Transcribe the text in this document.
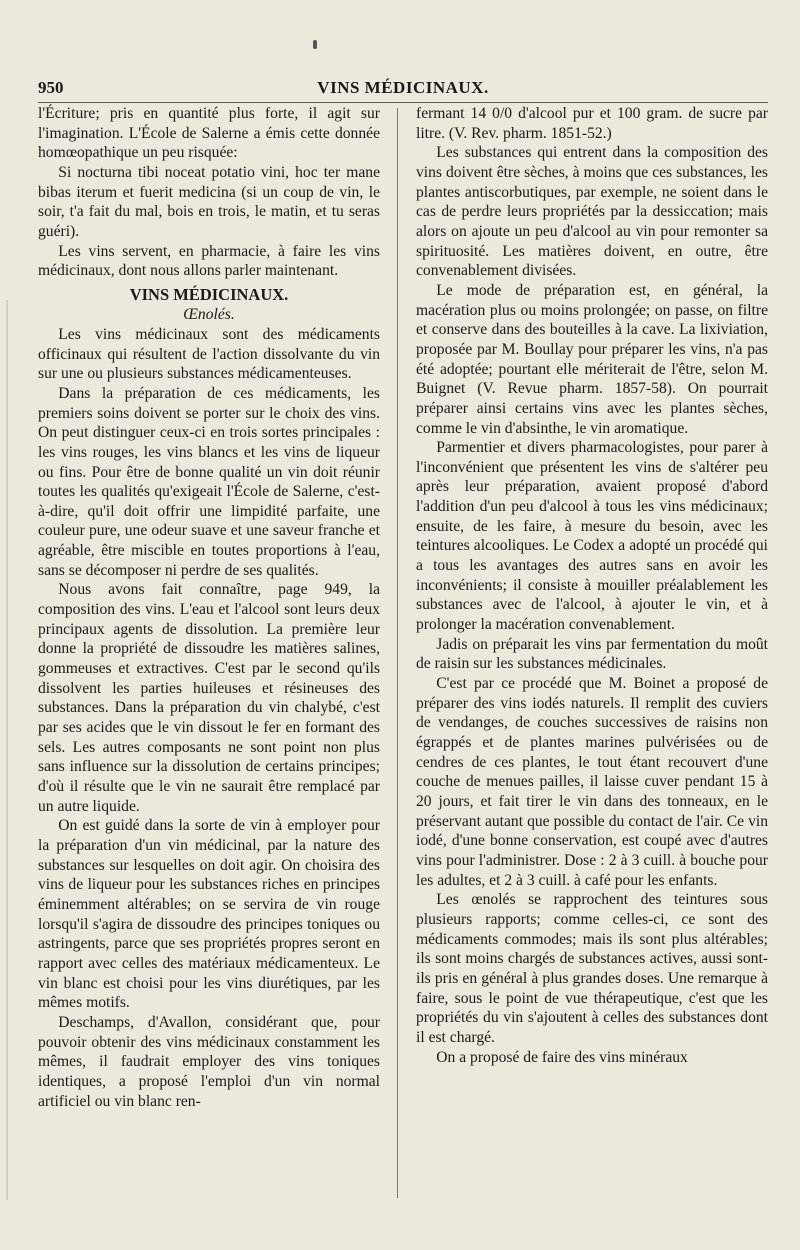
950	VINS MÉDICINAUX.

l'Écriture; pris en quantité plus forte, il agit sur l'imagination. L'École de Salerne a émis cette donnée homœopathique un peu risquée:

Si nocturna tibi noceat potatio vini, hoc ter mane bibas iterum et fuerit medicina (si un coup de vin, le soir, t'a fait du mal, bois en trois, le matin, et tu seras guéri).

Les vins servent, en pharmacie, à faire les vins médicinaux, dont nous allons parler maintenant.

VINS MÉDICINAUX.

Œnolés.

Les vins médicinaux sont des médicaments officinaux qui résultent de l'action dissolvante du vin sur une ou plusieurs substances médicamenteuses.

Dans la préparation de ces médicaments, les premiers soins doivent se porter sur le choix des vins. On peut distinguer ceux-ci en trois sortes principales : les vins rouges, les vins blancs et les vins de liqueur ou fins. Pour être de bonne qualité un vin doit réunir toutes les qualités qu'exigeait l'École de Salerne, c'est-à-dire, qu'il doit offrir une limpidité parfaite, une couleur pure, une odeur suave et une saveur franche et agréable, être miscible en toutes proportions à l'eau, sans se décomposer ni perdre de ses qualités.

Nous avons fait connaître, page 949, la composition des vins. L'eau et l'alcool sont leurs deux principaux agents de dissolution. La première leur donne la propriété de dissoudre les matières salines, gommeuses et extractives. C'est par le second qu'ils dissolvent les parties huileuses et résineuses des substances. Dans la préparation du vin chalybé, c'est par ses acides que le vin dissout le fer en formant des sels. Les autres composants ne sont point non plus sans influence sur la dissolution de certains principes; d'où il résulte que le vin ne saurait être remplacé par un autre liquide.

On est guidé dans la sorte de vin à employer pour la préparation d'un vin médicinal, par la nature des substances sur lesquelles on doit agir. On choisira des vins de liqueur pour les substances riches en principes éminemment altérables; on se servira de vin rouge lorsqu'il s'agira de dissoudre des principes toniques ou astringents, parce que ses propriétés propres seront en rapport avec celles des matériaux médicamenteux. Le vin blanc est choisi pour les vins diurétiques, par les mêmes motifs.

Deschamps, d'Avallon, considérant que, pour pouvoir obtenir des vins médicinaux constamment les mêmes, il faudrait employer des vins toniques identiques, a proposé l'emploi d'un vin normal artificiel ou vin blanc ren-

fermant 14 0/0 d'alcool pur et 100 gram. de sucre par litre. (V. Rev. pharm. 1851-52.)

Les substances qui entrent dans la composition des vins doivent être sèches, à moins que ces substances, les plantes antiscorbutiques, par exemple, ne soient dans le cas de perdre leurs propriétés par la dessiccation; mais alors on ajoute un peu d'alcool au vin pour remonter sa spirituosité. Les matières doivent, en outre, être convenablement divisées.

Le mode de préparation est, en général, la macération plus ou moins prolongée; on passe, on filtre et conserve dans des bouteilles à la cave. La lixiviation, proposée par M. Boullay pour préparer les vins, n'a pas été adoptée; pourtant elle mériterait de l'être, selon M. Buignet (V. Revue pharm. 1857-58). On pourrait préparer ainsi certains vins avec les plantes sèches, comme le vin d'absinthe, le vin aromatique.

Parmentier et divers pharmacologistes, pour parer à l'inconvénient que présentent les vins de s'altérer peu après leur préparation, avaient proposé d'abord l'addition d'un peu d'alcool à tous les vins médicinaux; ensuite, de les faire, à mesure du besoin, avec les teintures alcooliques. Le Codex a adopté un procédé qui a tous les avantages des autres sans en avoir les inconvénients; il consiste à mouiller préalablement les substances avec de l'alcool, à ajouter le vin, et à prolonger la macération convenablement.

Jadis on préparait les vins par fermentation du moût de raisin sur les substances médicinales.

C'est par ce procédé que M. Boinet a proposé de préparer des vins iodés naturels. Il remplit des cuviers de vendanges, de couches successives de raisins non égrappés et de plantes marines pulvérisées ou de cendres de ces plantes, le tout étant recouvert d'une couche de menues pailles, il laisse cuver pendant 15 à 20 jours, et fait tirer le vin dans des tonneaux, en le préservant autant que possible du contact de l'air. Ce vin iodé, d'une bonne conservation, est coupé avec d'autres vins pour l'administrer. Dose : 2 à 3 cuill. à bouche pour les adultes, et 2 à 3 cuill. à café pour les enfants.

Les œnolés se rapprochent des teintures sous plusieurs rapports; comme celles-ci, ce sont des médicaments commodes; mais ils sont plus altérables; ils sont moins chargés de substances actives, aussi sont-ils pris en général à plus grandes doses. Une remarque à faire, sous le point de vue thérapeutique, c'est que les propriétés du vin s'ajoutent à celles des substances dont il est chargé.

On a proposé de faire des vins minéraux
